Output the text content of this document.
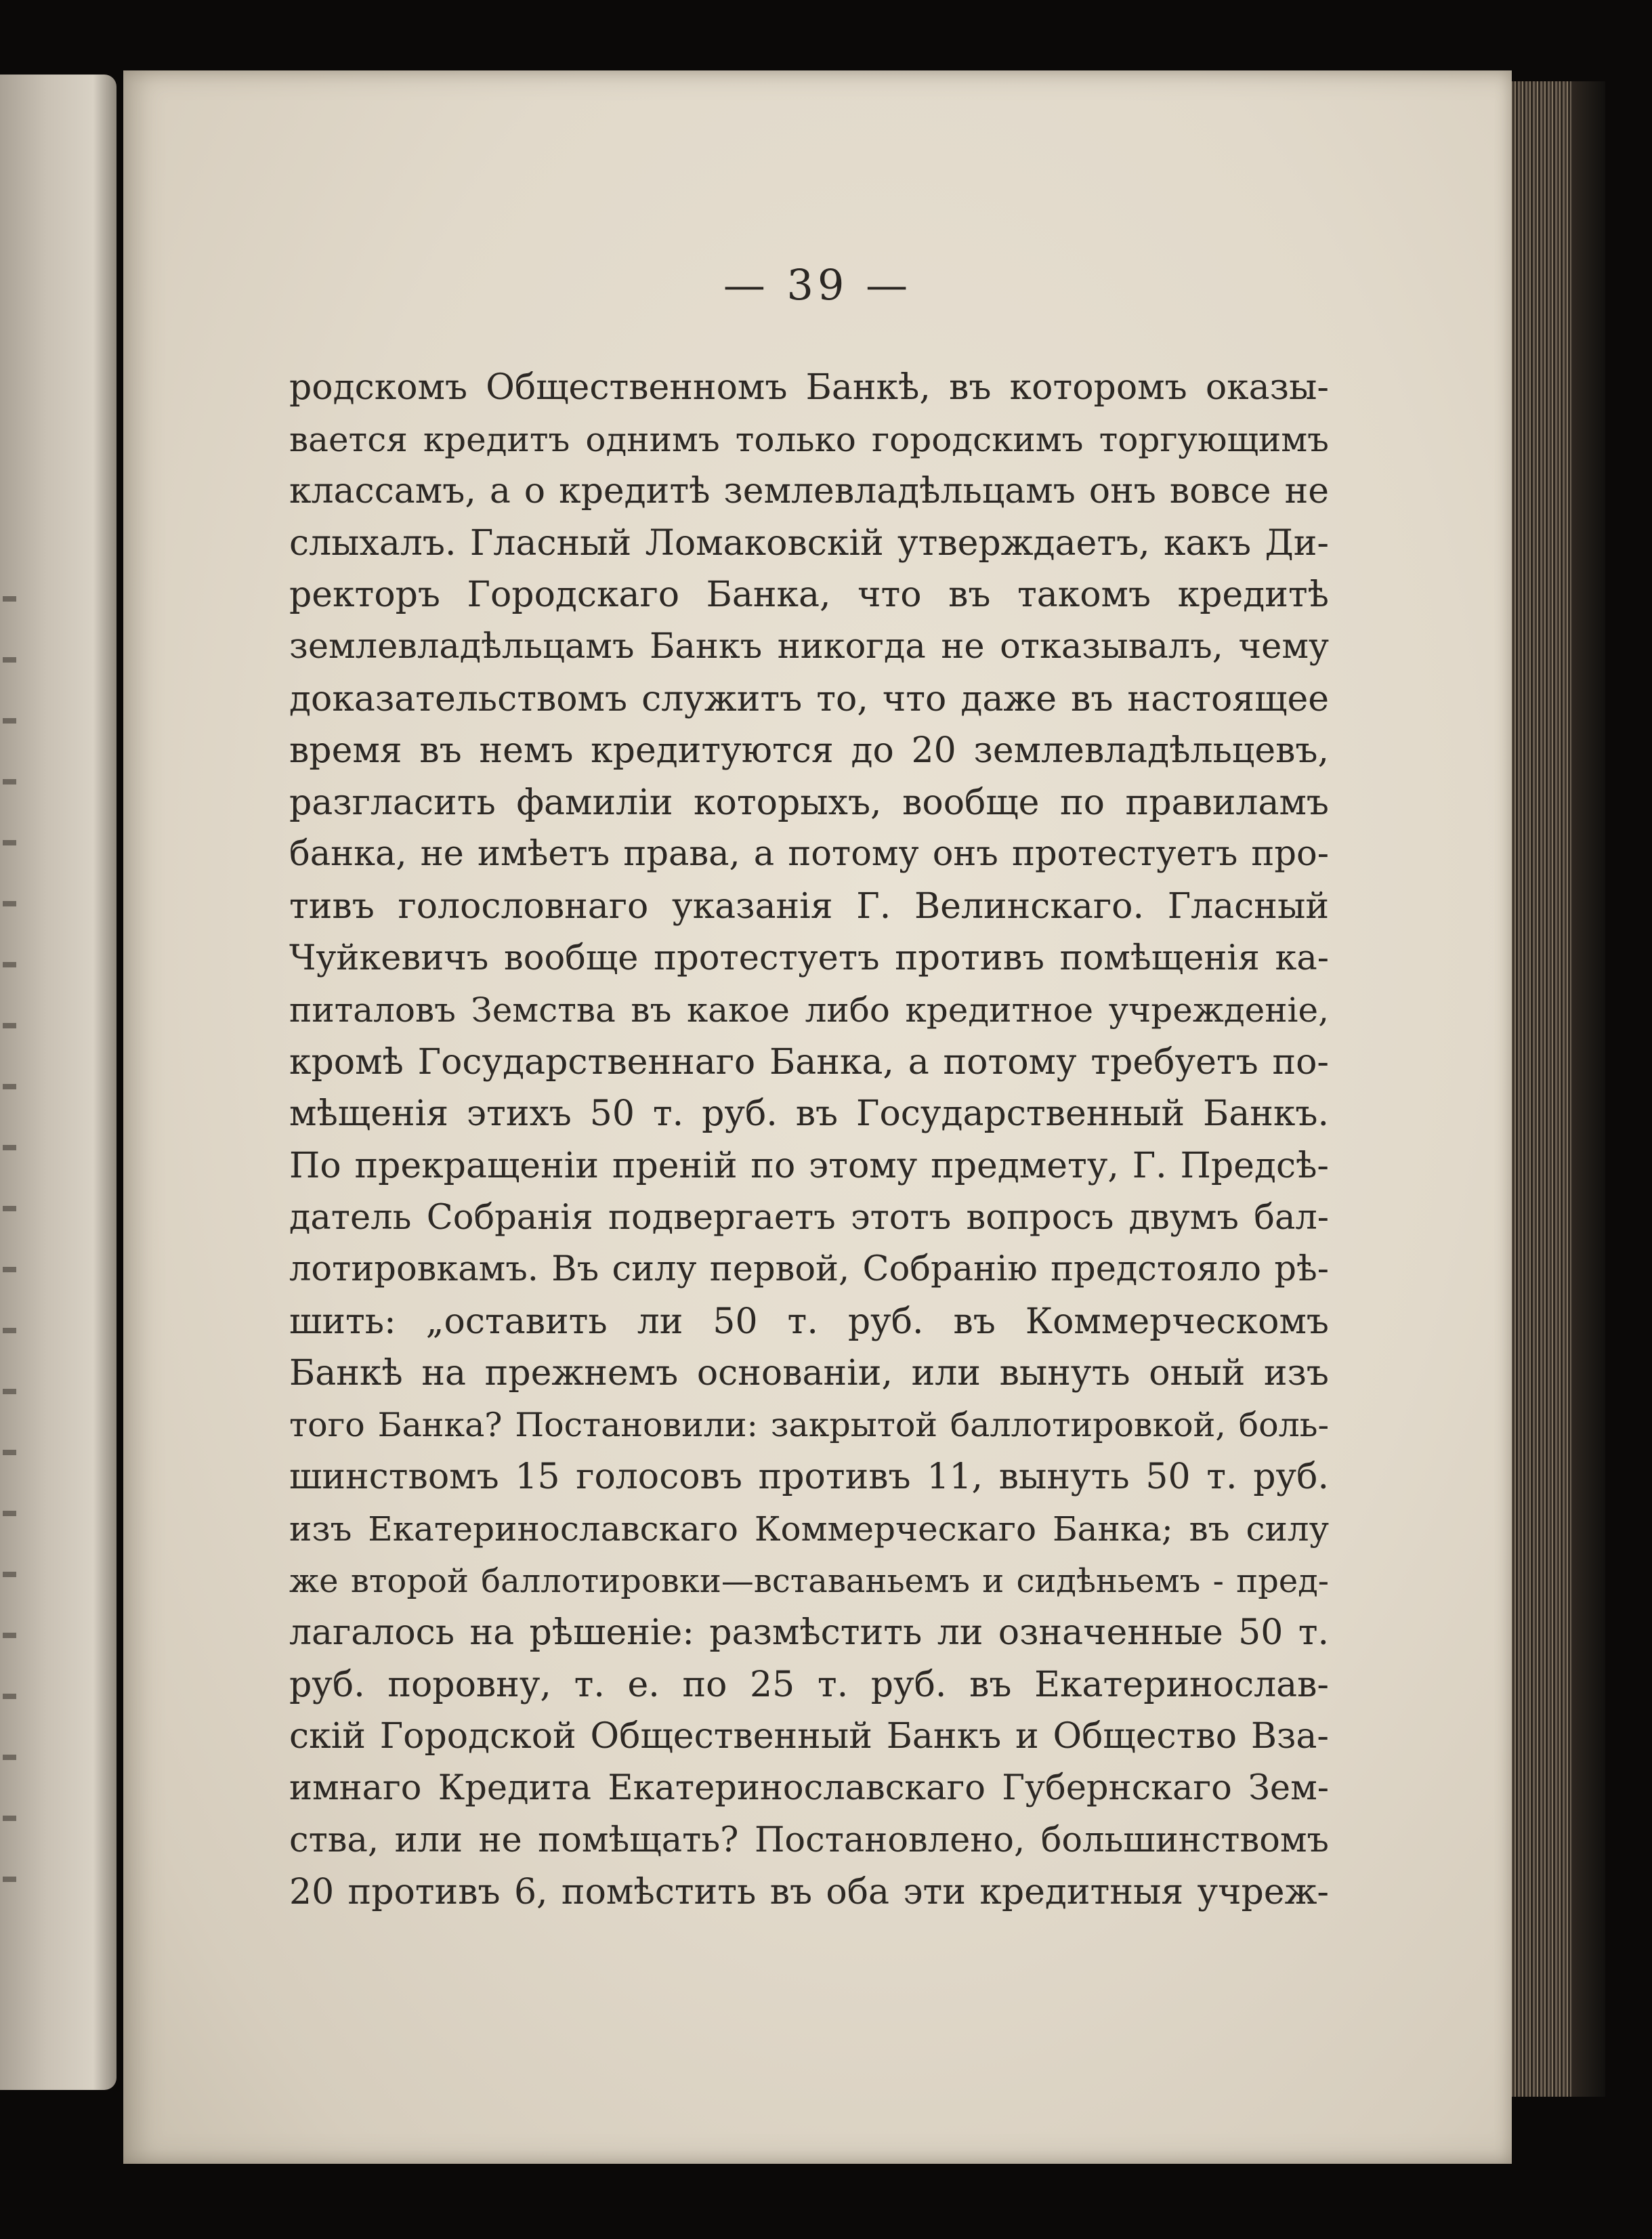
— 39 —

родскомъ Общественномъ Банкѣ, въ которомъ оказы-
вается кредитъ однимъ только городскимъ торгующимъ
классамъ, а о кредитѣ землевладѣльцамъ онъ вовсе не
слыхалъ. Гласный Ломаковскій утверждаетъ, какъ Ди-
ректоръ Городскаго Банка, что въ такомъ кредитѣ
землевладѣльцамъ Банкъ никогда не отказывалъ, чему
доказательствомъ служитъ то, что даже въ настоящее
время въ немъ кредитуются до 20 землевладѣльцевъ,
разгласить фамиліи которыхъ, вообще по правиламъ
банка, не имѣетъ права, а потому онъ протестуетъ про-
тивъ голословнаго указанія Г. Велинскаго. Гласный
Чуйкевичъ вообще протестуетъ противъ помѣщенія ка-
питаловъ Земства въ какое либо кредитное учрежденіе,
кромѣ Государственнаго Банка, а потому требуетъ по-
мѣщенія этихъ 50 т. руб. въ Государственный Банкъ.
По прекращеніи преній по этому предмету, Г. Предсѣ-
датель Собранія подвергаетъ этотъ вопросъ двумъ бал-
лотировкамъ. Въ силу первой, Собранію предстояло рѣ-
шить: „оставить ли 50 т. руб. въ Коммерческомъ
Банкѣ на прежнемъ основаніи, или вынуть оный изъ
того Банка? Постановили: закрытой баллотировкой, боль-
шинствомъ 15 голосовъ противъ 11, вынуть 50 т. руб.
изъ Екатеринославскаго Коммерческаго Банка; въ силу
же второй баллотировки—вставаньемъ и сидѣньемъ - пред-
лагалось на рѣшеніе: размѣстить ли означенные 50 т.
руб. поровну, т. е. по 25 т. руб. въ Екатеринослав-
скій Городской Общественный Банкъ и Общество Вза-
имнаго Кредита Екатеринославскаго Губернскаго Зем-
ства, или не помѣщать? Постановлено, большинствомъ
20 противъ 6, помѣстить въ оба эти кредитныя учреж-
